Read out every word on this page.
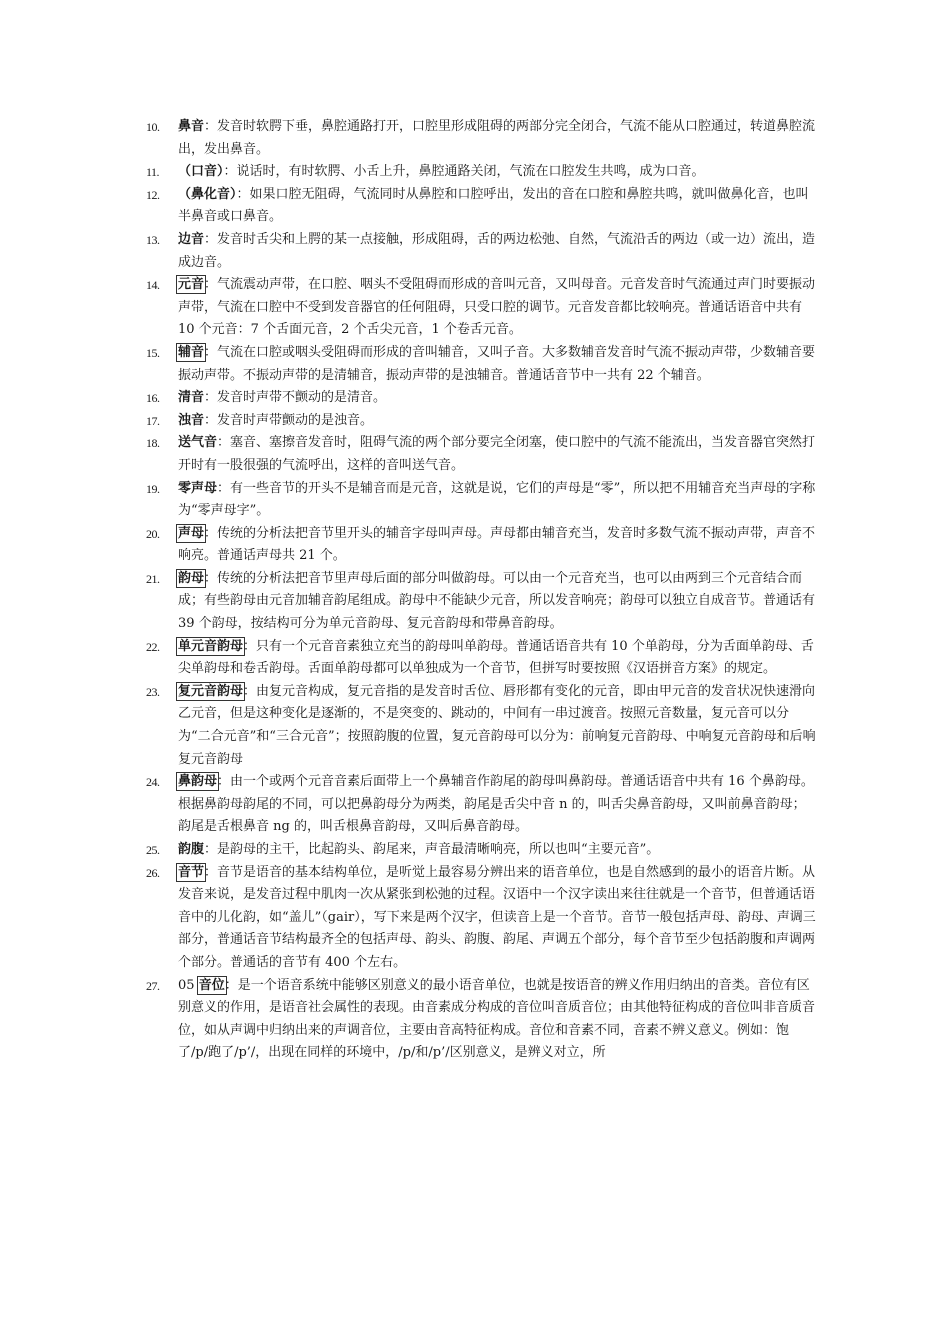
10. 鼻音：发音时软腭下垂，鼻腔通路打开，口腔里形成阻碍的两部分完全闭合，气流不能从口腔通过，转道鼻腔流出，发出鼻音。
11. （口音）：说话时，有时软腭、小舌上升，鼻腔通路关闭，气流在口腔发生共鸣，成为口音。
12. （鼻化音）：如果口腔无阻碍，气流同时从鼻腔和口腔呼出，发出的音在口腔和鼻腔共鸣，就叫做鼻化音，也叫半鼻音或口鼻音。
13. 边音：发音时舌尖和上腭的某一点接触，形成阻碍，舌的两边松弛、自然，气流沿舌的两边（或一边）流出，造成边音。
14. 元音：气流震动声带，在口腔、咽头不受阻碍而形成的音叫元音，又叫母音。元音发音时气流通过声门时要振动声带，气流在口腔中不受到发音器官的任何阻碍，只受口腔的调节。元音发音都比较响亮。普通话语音中共有 10 个元音：7 个舌面元音，2 个舌尖元音，1 个卷舌元音。
15. 辅音：气流在口腔或咽头受阻碍而形成的音叫辅音，又叫子音。大多数辅音发音时气流不振动声带，少数辅音要振动声带。不振动声带的是清辅音，振动声带的是浊辅音。普通话音节中一共有 22 个辅音。
16. 清音：发音时声带不颤动的是清音。
17. 浊音：发音时声带颤动的是浊音。
18. 送气音：塞音、塞擦音发音时，阻碍气流的两个部分要完全闭塞，使口腔中的气流不能流出，当发音器官突然打开时有一股很强的气流呼出，这样的音叫送气音。
19. 零声母：有一些音节的开头不是辅音而是元音，这就是说，它们的声母是“零”，所以把不用辅音充当声母的字称为“零声母字”。
20. 声母：传统的分析法把音节里开头的辅音字母叫声母。声母都由辅音充当，发音时多数气流不振动声带，声音不响亮。普通话声母共 21 个。
21. 韵母：传统的分析法把音节里声母后面的部分叫做韵母。可以由一个元音充当，也可以由两到三个元音结合而成；有些韵母由元音加辅音韵尾组成。韵母中不能缺少元音，所以发音响亮；韵母可以独立自成音节。普通话有 39 个韵母，按结构可分为单元音韵母、复元音韵母和带鼻音韵母。
22. 单元音韵母：只有一个元音音素独立充当的韵母叫单韵母。普通话语音共有 10 个单韵母，分为舌面单韵母、舌尖单韵母和卷舌韵母。舌面单韵母都可以单独成为一个音节，但拼写时要按照《汉语拼音方案》的规定。
23. 复元音韵母：由复元音构成，复元音指的是发音时舌位、唇形都有变化的元音，即由甲元音的发音状况快速滑向乙元音，但是这种变化是逐渐的，不是突变的、跳动的，中间有一串过渡音。按照元音数量，复元音可以分为“二合元音”和“三合元音”；按照韵腹的位置，复元音韵母可以分为：前响复元音韵母、中响复元音韵母和后响复元音韵母
24. 鼻韵母：由一个或两个元音音素后面带上一个鼻辅音作韵尾的韵母叫鼻韵母。普通话语音中共有 16 个鼻韵母。根据鼻韵母韵尾的不同，可以把鼻韵母分为两类，韵尾是舌尖中音 n 的，叫舌尖鼻音韵母，又叫前鼻音韵母；韵尾是舌根鼻音 ng 的，叫舌根鼻音韵母，又叫后鼻音韵母。
25. 韵腹：是韵母的主干，比起韵头、韵尾来，声音最清晰响亮，所以也叫“主要元音”。
26. 音节：音节是语音的基本结构单位，是听觉上最容易分辨出来的语音单位，也是自然感到的最小的语音片断。从发音来说，是发音过程中肌肉一次从紧张到松弛的过程。汉语中一个汉字读出来往往就是一个音节，但普通话语音中的儿化韵，如“盖儿”（gair），写下来是两个汉字，但读音上是一个音节。音节一般包括声母、韵母、声调三部分，普通话音节结构最齐全的包括声母、韵头、韵腹、韵尾、声调五个部分，每个音节至少包括韵腹和声调两个部分。普通话的音节有 400 个左右。
27. 05 音位：是一个语音系统中能够区别意义的最小语音单位，也就是按语音的辨义作用归纳出的音类。音位有区别意义的作用，是语音社会属性的表现。由音素成分构成的音位叫音质音位；由其他特征构成的音位叫非音质音位，如从声调中归纳出来的声调音位，主要由音高特征构成。音位和音素不同，音素不辨义意义。例如：饱了/p/跑了/p’/，出现在同样的环境中，/p/和/p’/区别意义，是辨义对立，所
